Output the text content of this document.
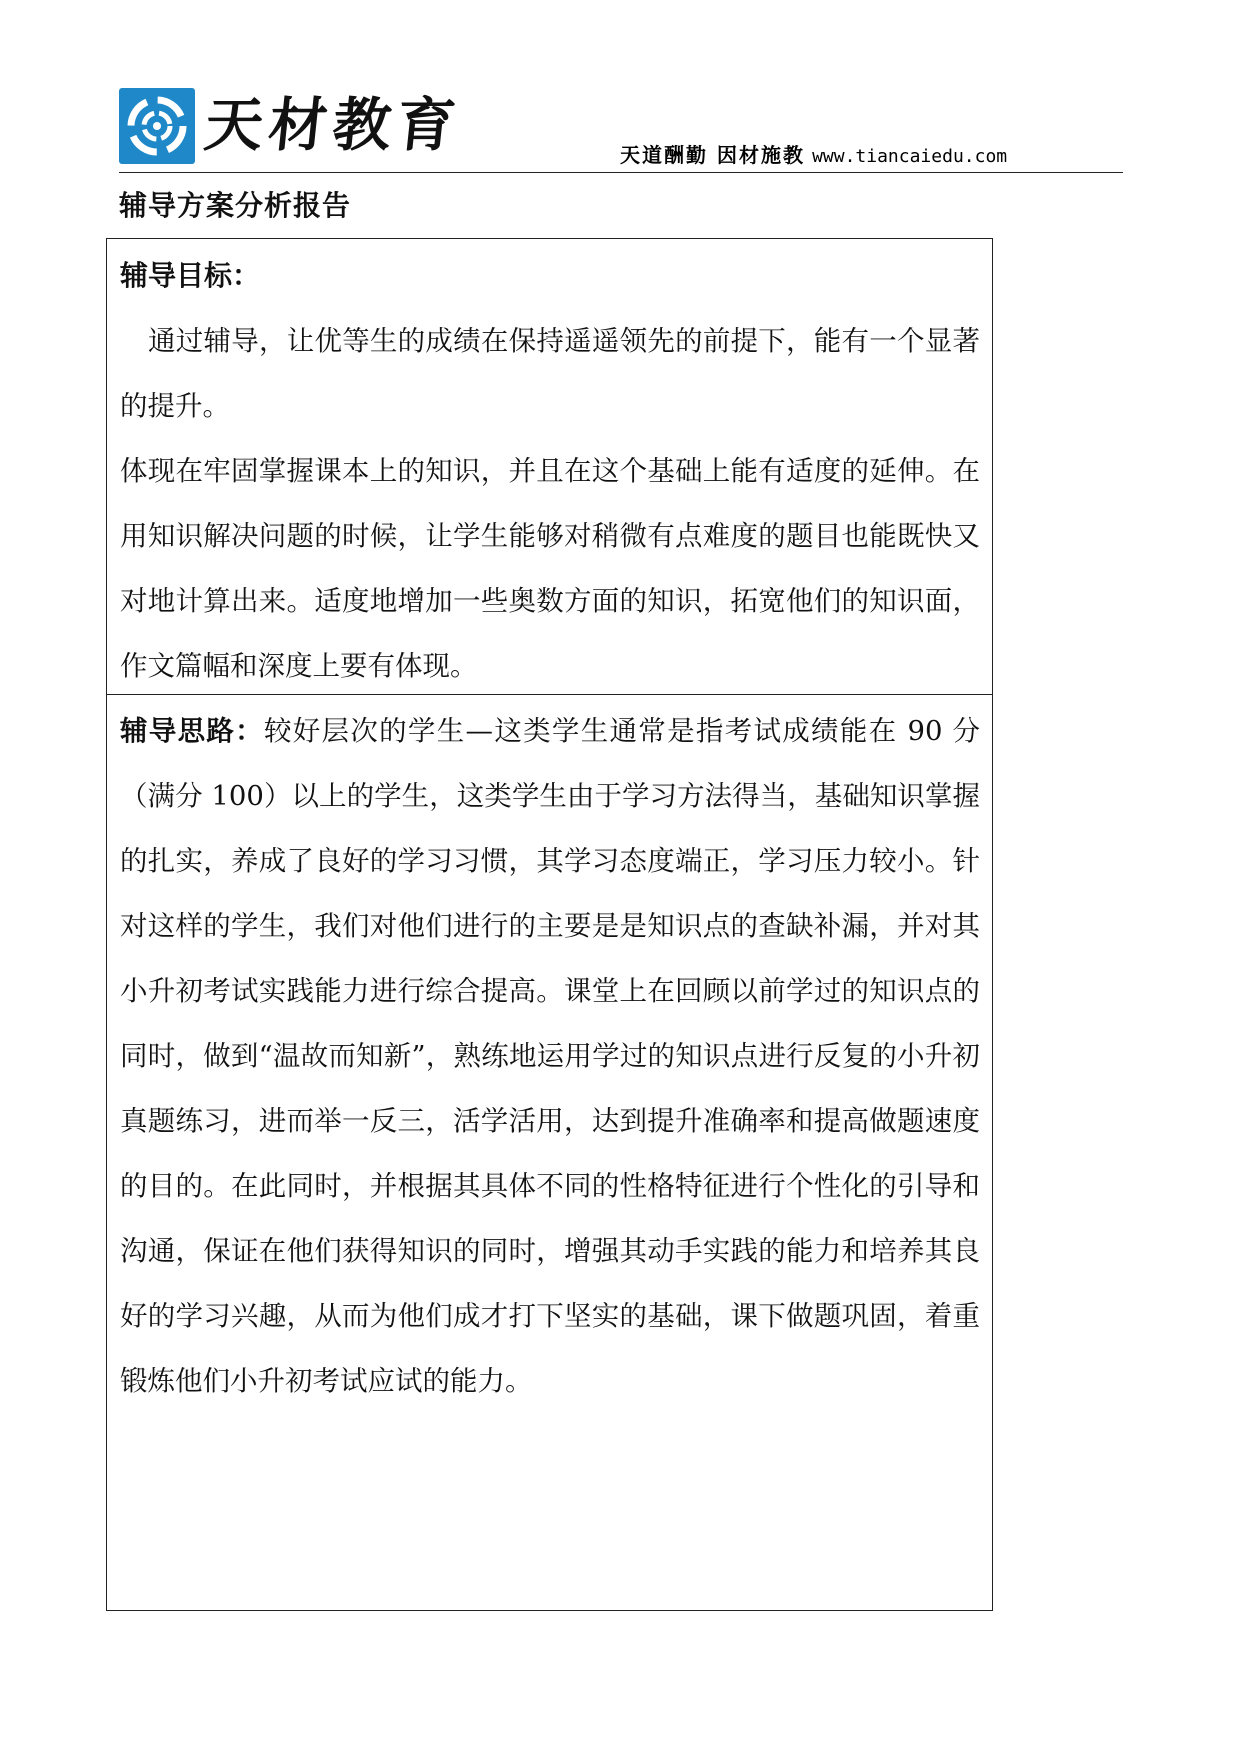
天材教育	天道酬勤 因材施教 www.tiancaiedu.com
辅导方案分析报告
辅导目标：
通过辅导，让优等生的成绩在保持遥遥领先的前提下，能有一个显著的提升。
体现在牢固掌握课本上的知识，并且在这个基础上能有适度的延伸。在用知识解决问题的时候，让学生能够对稍微有点难度的题目也能既快又对地计算出来。适度地增加一些奥数方面的知识，拓宽他们的知识面，作文篇幅和深度上要有体现。
辅导思路：较好层次的学生—这类学生通常是指考试成绩能在 90 分（满分 100）以上的学生，这类学生由于学习方法得当，基础知识掌握的扎实，养成了良好的学习习惯，其学习态度端正，学习压力较小。针对这样的学生，我们对他们进行的主要是是知识点的查缺补漏，并对其小升初考试实践能力进行综合提高。课堂上在回顾以前学过的知识点的同时，做到“温故而知新”，熟练地运用学过的知识点进行反复的小升初真题练习，进而举一反三，活学活用，达到提升准确率和提高做题速度的目的。在此同时，并根据其具体不同的性格特征进行个性化的引导和沟通，保证在他们获得知识的同时，增强其动手实践的能力和培养其良好的学习兴趣，从而为他们成才打下坚实的基础，课下做题巩固，着重锻炼他们小升初考试应试的能力。
